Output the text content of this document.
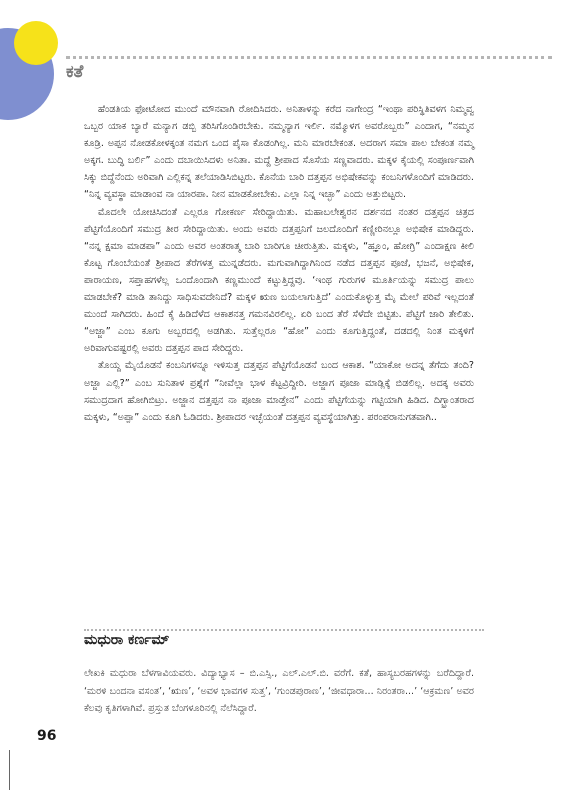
ಕತೆ

ಹೆಂಡತಿಯ ಫೋಟೋದ ಮುಂದೆ ಮೌನವಾಗಿ ರೋದಿಸಿದರು. ಅನಿತಾಳನ್ನು ಕರೆದ ನಾಗೇಂದ್ರ “ಇಂಥಾ ಪರಿಸ್ಥಿತಿವಳಗ ನಿಮ್ಮವ್ವ ಒಬ್ಬರ ಯಾಕ ಬ್ಯಾರೆ ಮನ್ಯಾಗ ಡಬ್ಬಿ ತರಿಸಿಗೊಂಡಿರಬೇಕು. ನಮ್ಮನ್ಯಾಗ ಇರ್ಲಿ. ನಮ್ಮೊಳಗ ಅವರೊಬ್ಬರು” ಎಂದಾಗ, “ನಮ್ಮನ ಕೂಡ್ರಿ. ಅಪ್ಪನ ನೋಡಕೋಳಕ್ಕಂತ ನಮಗ ಒಂದ ಪೈಸಾ ಕೊಡಂಗಿಲ್ಲ. ಮನಿ ಮಾರಬೇಕಂತ. ಅದರಾಗ ಸಮಾ ಪಾಲ ಬೇಕಂತ ನಮ್ಮ ಅಕ್ಕಗ. ಬುದ್ಧಿ ಬರ್ಲಿ” ಎಂದು ದಬಾಯಿಸಿದಳು ಅನಿತಾ. ಮದ್ದೆ ಶ್ರೀಪಾದ ಸೊಸೆಯ ಸಣ್ಣವಾದರು. ಮಕ್ಕಳ ಕೈಯಲ್ಲಿ ಸಂಪೂರ್ಣವಾಗಿ ಸಿಕ್ಕು ಬಿದ್ದೆನೆಂದು ಅರಿವಾಗಿ ಎಲ್ಲಿಕನ್ನ ತಲೆಯಾಡಿಸಿಬಿಟ್ಟರು. ಕೊನೆಯ ಬಾರಿ ದತ್ತಪ್ಪನ ಅಭಿಷೇಕವನ್ನು ಕಂಬನಿಗಳೊಂದಿಗೆ ಮಾಡಿದರು. “ನಿನ್ನ ವ್ಯವಸ್ಥಾ ಮಾಡಾಂವ ನಾ ಯಾರಪಾ. ನೀನ ಮಾಡಕೋಬೇಕು. ಎಲ್ಲಾ ನಿನ್ನ ಇಚ್ಛಾ” ಎಂದು ಅತ್ತುಬಿಟ್ಟರು.

ಮೊದಲೇ ಯೋಚಿಸಿದಂತೆ ಎಲ್ಲರೂ ಗೋಕರ್ಣ ಸೇರಿದ್ದಾಯಿತು. ಮಹಾಬಲೇಶ್ವರನ ದರ್ಶನದ ನಂತರ ದತ್ತಪ್ಪನ ಚಿತ್ರದ ಪೆಟ್ಟಿಗೆಯೊಂದಿಗೆ ಸಮುದ್ರ ತೀರ ಸೇರಿದ್ದಾಯಿತು. ಅಂದು ಅವರು ದತ್ತಪ್ಪನಿಗೆ ಜಲದೊಂದಿಗೆ ಕಣ್ಣೀರಿನಲ್ಲೂ ಅಭಿಷೇಕ ಮಾಡಿದ್ದರು. “ನನ್ನ ಕ್ಷಮಾ ಮಾಡಪಾ” ಎಂದು ಅವರ ಅಂತರಾತ್ಮ ಬಾರಿ ಬಾರಿಗೂ ಚೀರುತ್ತಿತು. ಮಕ್ಕಳು, “ಹ್ಞೂಂ, ಹೋಗ್ರಿ” ಎಂದಾಕ್ಷಣ ಕೀಲಿ ಕೊಟ್ಟ ಗೊಂಬೆಯಂತೆ ಶ್ರೀಪಾದ ತೆರೆಗಳತ್ತ ಮುನ್ನಡೆದರು. ಮಗುವಾಗಿದ್ದಾಗಿನಿಂದ ನಡೆದ ದತ್ತಪ್ಪನ ಪೂಜೆ, ಭಜನೆ, ಅಭಿಷೇಕ, ಪಾರಾಯಣ, ಸಪ್ತಾಹಗಳೆಲ್ಲ ಒಂದೊಂದಾಗಿ ಕಣ್ಣಮುಂದೆ ಕಟ್ಟುತ್ತಿದ್ದವು. ‘ಇಂಥ ಗುರುಗಳ ಮೂರ್ತಿಯನ್ನು ಸಮುದ್ರ ಪಾಲು ಮಾಡಬೇಕೆ? ಮಾಡಿ ತಾನಿದ್ದು ಸಾಧಿಸುವದೇನಿದೆ? ಮಕ್ಕಳ ಋಣ ಬಯಲಾಗುತ್ತಿದೆ’ ಎಂದುಕೊಳ್ಳುತ್ತ ಮೈ ಮೇಲೆ ಪರಿವೆ ಇಲ್ಲದಂತೆ ಮುಂದೆ ಸಾಗಿದರು. ಹಿಂದೆ ಕೈ ಹಿಡಿದೆಳೆದ ಆಕಾಶನತ್ತ ಗಮನವಿರಲಿಲ್ಲ. ಏರಿ ಬಂದ ತೆರೆ ಸೆಳೆದೇ ಬಿಟ್ಟಿತು. ಪೆಟ್ಟಿಗೆ ಜಾರಿ ತೇಲಿತು. “ಅಜ್ಜಾ” ಎಂಬ ಕೂಗು ಅಬ್ಬರದಲ್ಲಿ ಅಡಗಿತು. ಸುತ್ತೆಲ್ಲರೂ “ಹೋ” ಎಂದು ಕೂಗುತ್ತಿದ್ದಂತೆ, ದಡದಲ್ಲಿ ನಿಂತ ಮಕ್ಕಳಿಗೆ ಅರಿವಾಗುವಷ್ಟರಲ್ಲಿ ಅವರು ದತ್ತಪ್ಪನ ಪಾದ ಸೇರಿದ್ದರು.

ತೊಯ್ದ ಮೈಯೊಡನೆ ಕಂಬನಿಗಳನ್ನೂ ಇಳಿಸುತ್ತ ದತ್ತಪ್ಪನ ಪೆಟ್ಟಿಗೆಯೊಡನೆ ಬಂದ ಆಕಾಶ. “ಯಾಕೋ ಅದನ್ನ ತೆಗೆದು ತಂದಿ? ಅಜ್ಜಾ ಎಲ್ಲಿ?” ಎಂಬ ಸುನಿತಾಳ ಪ್ರಶ್ನೆಗೆ “ನೀವೆಲ್ಲಾ ಭಾಳ ಕೆಟ್ಟವ್ರಿದ್ದೀರಿ. ಅಜ್ಜಾಗ ಪೂಜಾ ಮಾಡ್ಲಿಕ್ಕೆ ಬಿಡಲಿಲ್ಲ. ಅದಕ್ಕ ಅವರು ಸಮುದ್ರದಾಗ ಹೋಗಿಬಿಟ್ರು. ಅಜ್ಜಾನ ದತ್ತಪ್ಪನ ನಾ ಪೂಜಾ ಮಾಡ್ತೇನ” ಎಂದು ಪೆಟ್ಟಿಗೆಯನ್ನು ಗಟ್ಟಿಯಾಗಿ ಹಿಡಿದ. ದಿಗ್ಭ್ರಾಂತರಾದ ಮಕ್ಕಳು, “ಅಪ್ಪಾ” ಎಂದು ಕೂಗಿ ಓಡಿದರು. ಶ್ರೀಪಾದರ ಇಚ್ಛೆಯಂತೆ ದತ್ತಪ್ಪನ ವ್ಯವಸ್ಥೆಯಾಗಿತ್ತು. ಪರಂಪರಾನುಗತವಾಗಿ..

ಮಧುರಾ ಕರ್ಣಮ್
ಲೇಖಕಿ ಮಧುರಾ ಬೆಳಗಾವಿಯವರು. ವಿದ್ಯಾಭ್ಯಾಸ – ಬಿ.ಎಸ್ಸಿ., ಎಲ್.ಎಲ್.ಬಿ. ವರೆಗೆ. ಕತೆ, ಹಾಸ್ಯಬರಹಗಳನ್ನು ಬರೆದಿದ್ದಾರೆ. ‘ಮರಳಿ ಬಂದನಾ ವಸಂತ’, ‘ಋಣ’, ‘ಅವಳ ಭಾವಗಳ ಸುತ್ತ’, ‘ಗುಂಡಪುರಾಣ’, ‘ಜೀವಧಾರಾ... ನಿರಂತರಾ...’ ‘ಆಕ್ರಮಣ’ ಅವರ ಕೆಲವು ಕೃತಿಗಳಾಗಿವೆ. ಪ್ರಸ್ತುತ ಬೆಂಗಳೂರಿನಲ್ಲಿ ನೆಲೆಸಿದ್ದಾರೆ.
96
